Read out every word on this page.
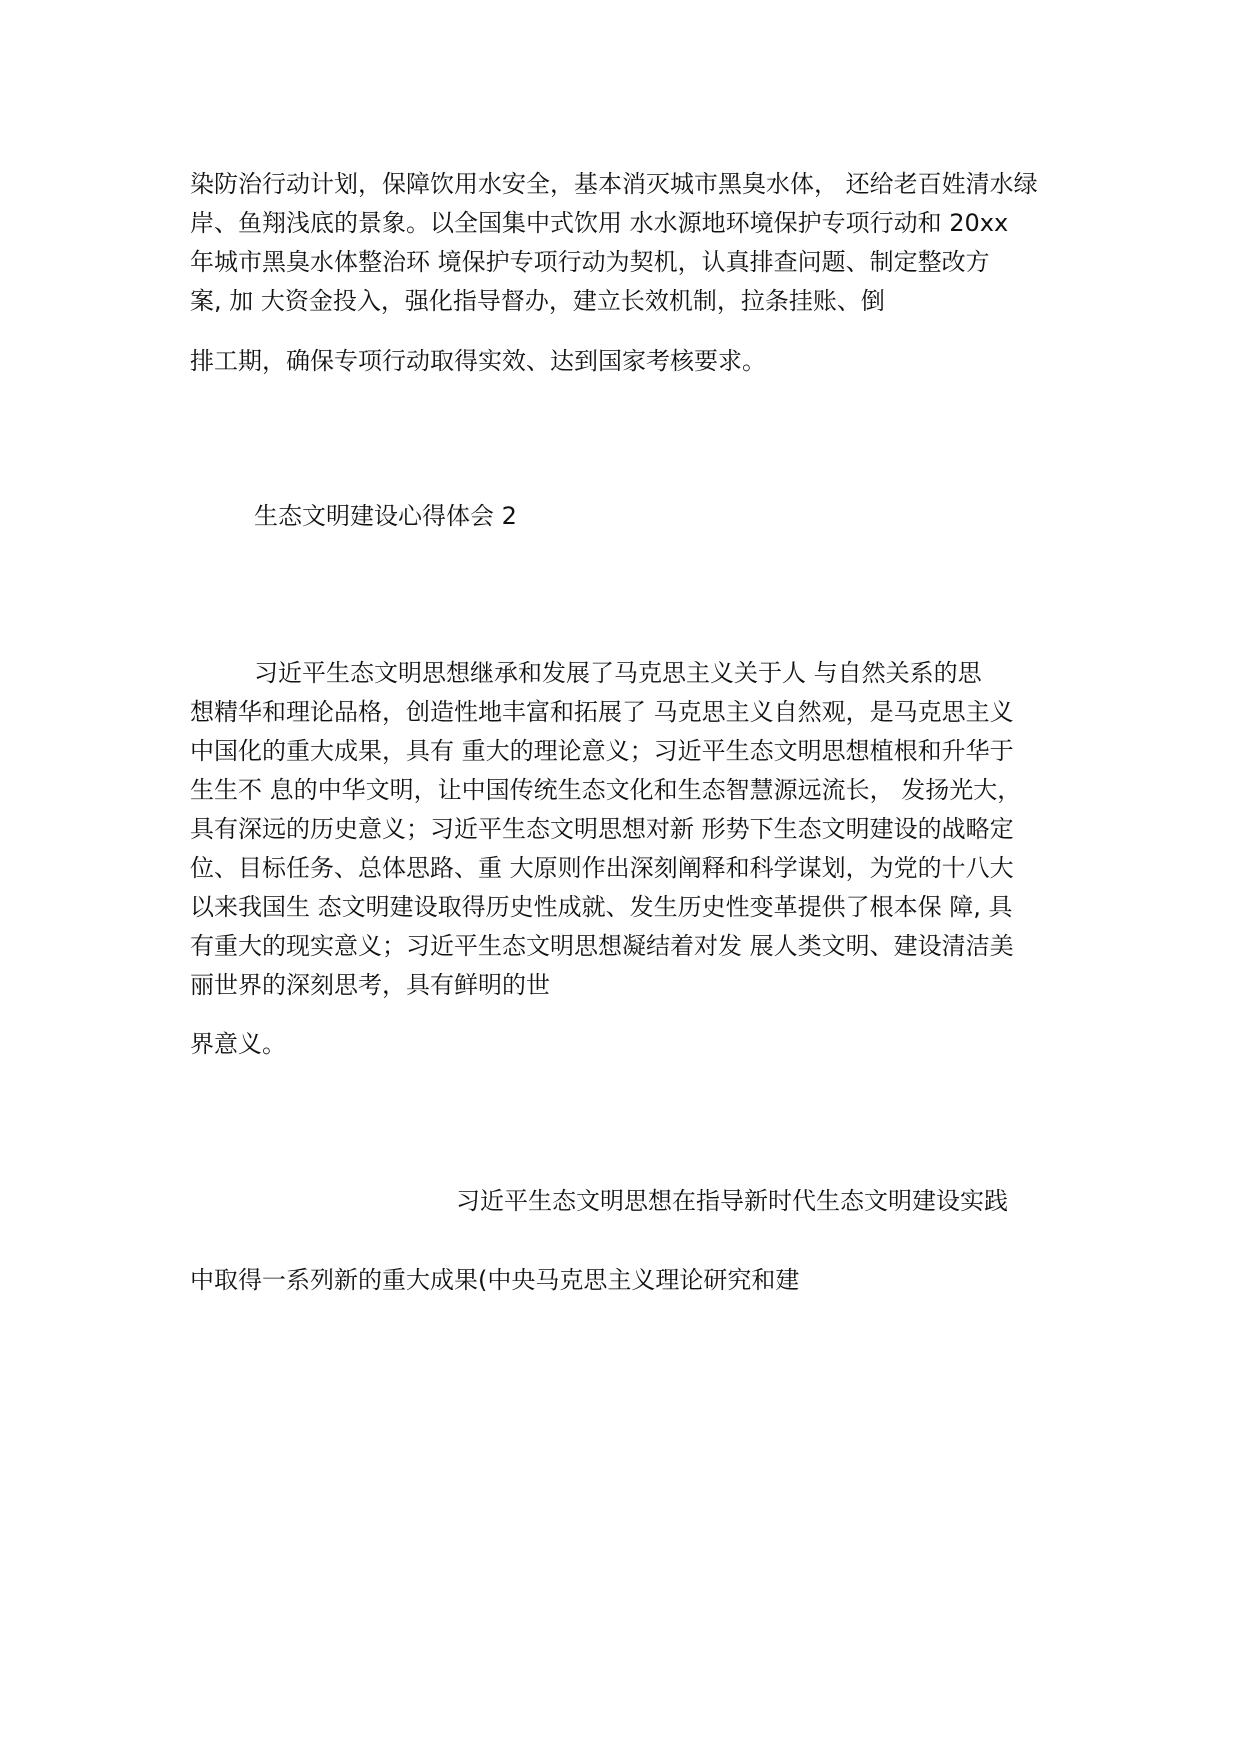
染防治行动计划，保障饮用水安全，基本消灭城市黑臭水体， 还给老百姓清水绿
岸、鱼翔浅底的景象。以全国集中式饮用 水水源地环境保护专项行动和 20xx
年城市黑臭水体整治环 境保护专项行动为契机，认真排查问题、制定整改方
案, 加 大资金投入，强化指导督办，建立长效机制，拉条挂账、倒
排工期，确保专项行动取得实效、达到国家考核要求。
生态文明建设心得体会 2
习近平生态文明思想继承和发展了马克思主义关于人 与自然关系的思
想精华和理论品格，创造性地丰富和拓展了 马克思主义自然观，是马克思主义
中国化的重大成果，具有 重大的理论意义；习近平生态文明思想植根和升华于
生生不 息的中华文明，让中国传统生态文化和生态智慧源远流长， 发扬光大，
具有深远的历史意义；习近平生态文明思想对新 形势下生态文明建设的战略定
位、目标任务、总体思路、重 大原则作出深刻阐释和科学谋划，为党的十八大
以来我国生 态文明建设取得历史性成就、发生历史性变革提供了根本保 障, 具
有重大的现实意义；习近平生态文明思想凝结着对发 展人类文明、建设清洁美
丽世界的深刻思考，具有鲜明的世
界意义。
习近平生态文明思想在指导新时代生态文明建设实践
中取得一系列新的重大成果(中央马克思主义理论研究和建
